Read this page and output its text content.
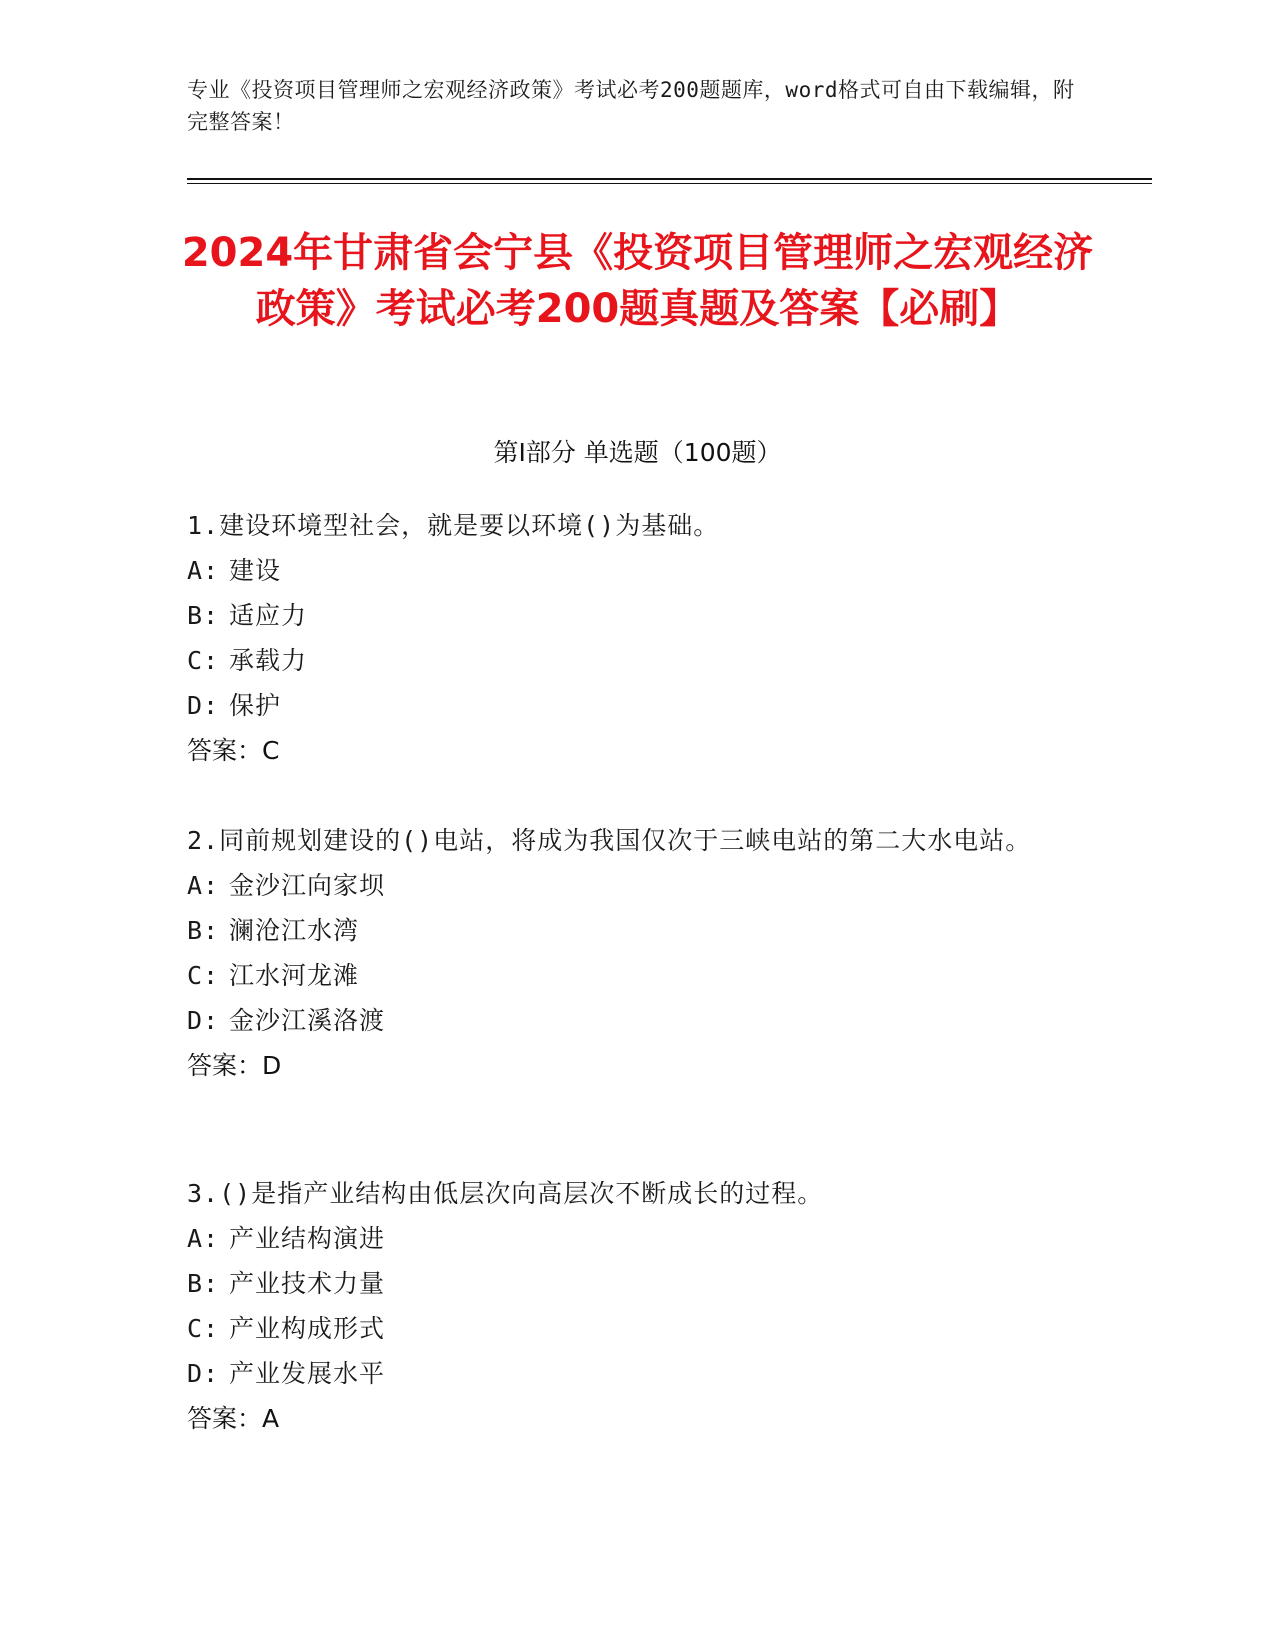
专业《投资项目管理师之宏观经济政策》考试必考200题题库，word格式可自由下载编辑，附完整答案！
2024年甘肃省会宁县《投资项目管理师之宏观经济政策》考试必考200题真题及答案【必刷】
第I部分 单选题（100题）
1.建设环境型社会，就是要以环境()为基础。
A: 建设
B: 适应力
C: 承载力
D: 保护
答案：C
2.同前规划建设的()电站，将成为我国仅次于三峡电站的第二大水电站。
A: 金沙江向家坝
B: 澜沧江水湾
C: 江水河龙滩
D: 金沙江溪洛渡
答案：D
3.()是指产业结构由低层次向高层次不断成长的过程。
A: 产业结构演进
B: 产业技术力量
C: 产业构成形式
D: 产业发展水平
答案：A
